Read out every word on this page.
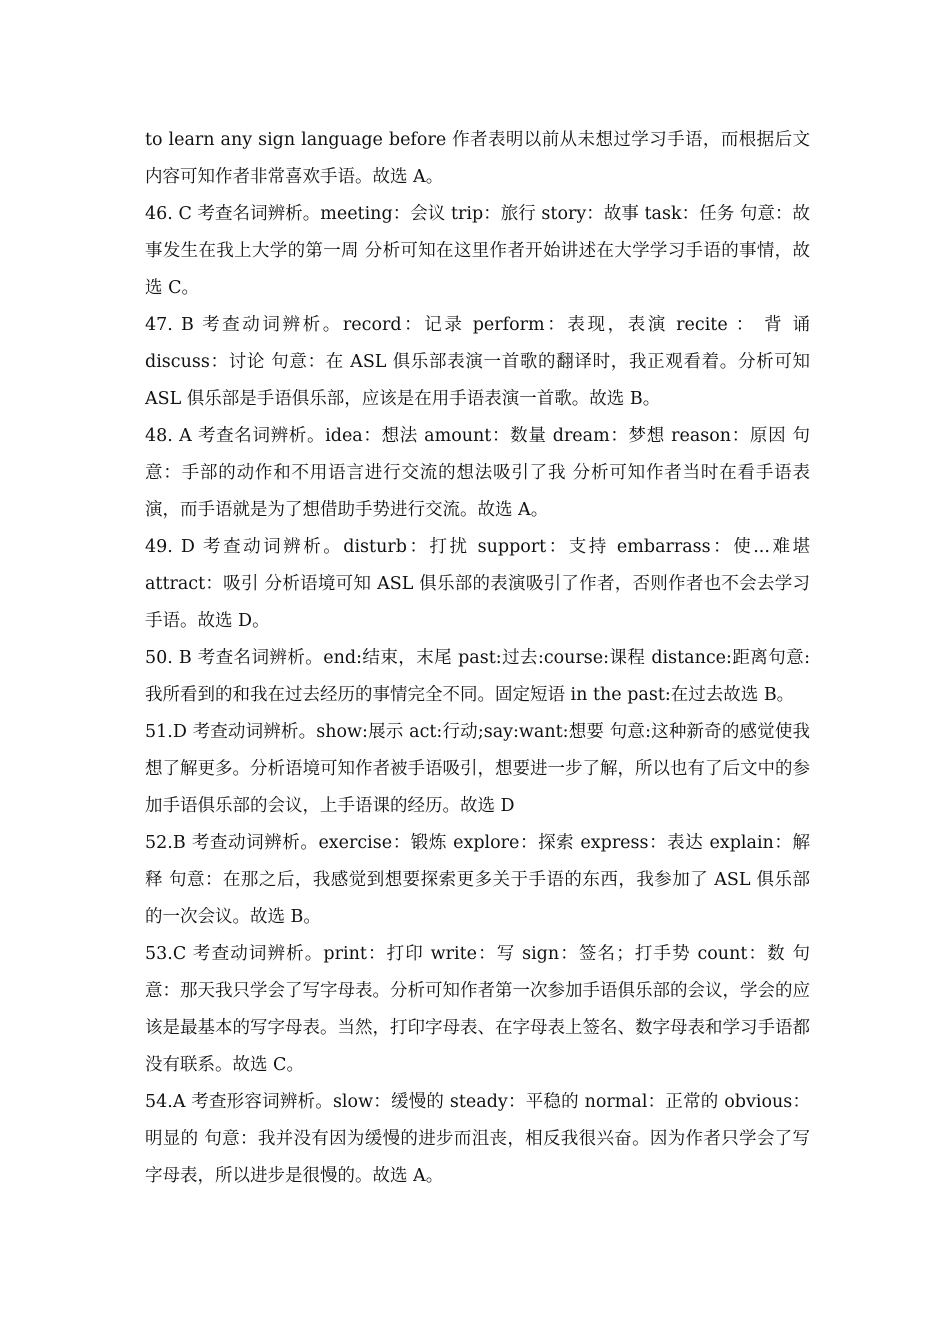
to learn any sign language before 作者表明以前从未想过学习手语，而根据后文内容可知作者非常喜欢手语。故选 A。

46. C 考查名词辨析。meeting：会议 trip：旅行 story：故事 task：任务 句意：故事发生在我上大学的第一周 分析可知在这里作者开始讲述在大学学习手语的事情，故选 C。

47. B 考查动词辨析。record：记录 perform：表现，表演 recite ： 背 诵 discuss：讨论 句意：在 ASL 俱乐部表演一首歌的翻译时，我正观看着。分析可知 ASL 俱乐部是手语俱乐部，应该是在用手语表演一首歌。故选 B。

48. A 考查名词辨析。idea：想法 amount：数量 dream：梦想 reason：原因 句意：手部的动作和不用语言进行交流的想法吸引了我 分析可知作者当时在看手语表演，而手语就是为了想借助手势进行交流。故选 A。

49. D 考查动词辨析。disturb：打扰 support：支持 embarrass：使...难堪 attract：吸引 分析语境可知 ASL 俱乐部的表演吸引了作者，否则作者也不会去学习手语。故选 D。

50. B 考查名词辨析。end:结束，末尾 past:过去:course:课程 distance:距离句意:我所看到的和我在过去经历的事情完全不同。固定短语 in the past:在过去故选 B。

51.D 考查动词辨析。show:展示 act:行动;say:want:想要 句意:这种新奇的感觉使我想了解更多。分析语境可知作者被手语吸引，想要进一步了解，所以也有了后文中的参加手语俱乐部的会议，上手语课的经历。故选 D

52.B 考查动词辨析。exercise：锻炼 explore：探索 express：表达 explain：解释 句意：在那之后，我感觉到想要探索更多关于手语的东西，我参加了 ASL 俱乐部的一次会议。故选 B。

53.C 考查动词辨析。print：打印 write：写 sign：签名；打手势 count：数 句意：那天我只学会了写字母表。分析可知作者第一次参加手语俱乐部的会议，学会的应该是最基本的写字母表。当然，打印字母表、在字母表上签名、数字母表和学习手语都没有联系。故选 C。

54.A 考查形容词辨析。slow：缓慢的 steady：平稳的 normal：正常的 obvious：明显的 句意：我并没有因为缓慢的进步而沮丧，相反我很兴奋。因为作者只学会了写字母表，所以进步是很慢的。故选 A。
